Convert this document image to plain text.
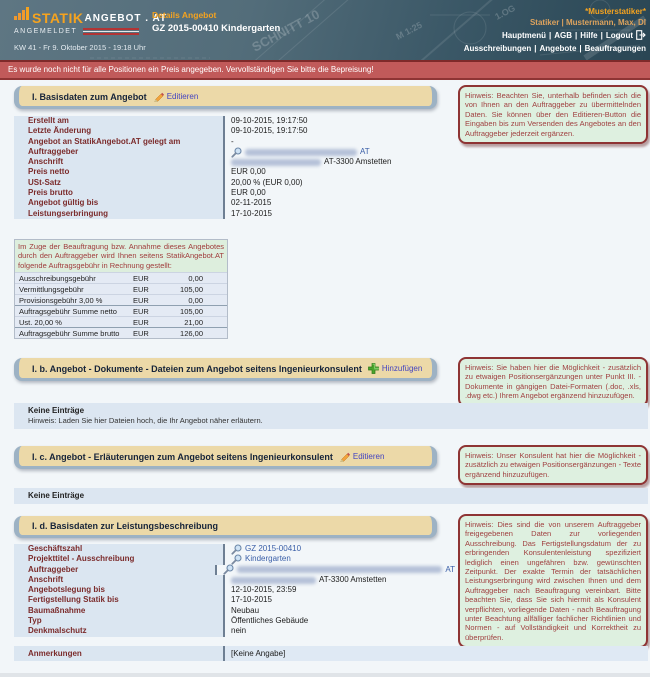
SCHNITT 10	M 1:25
1.OG
STATIK ANGEBOT . AT
ANGEMELDET
KW 41 - Fr 9. Oktober 2015 - 19:18 Uhr
Details Angebot
GZ 2015-00410 Kindergarten
*Musterstatiker*
Statiker | Mustermann, Max, DI
Hauptmenü | AGB | Hilfe | Logout
Ausschreibungen | Angebote | Beauftragungen
Es wurde noch nicht für alle Positionen ein Preis angegeben. Vervollständigen Sie bitte die Bepreisung!
I. Basisdaten zum Angebot	Editieren	Hinweis: Beachten Sie, unterhalb befinden sich die von Ihnen an den Auftraggeber zu übermittelnden Daten. Sie können über den Editieren-Button die Eingaben bis zum Versenden des Angebotes an den Auftraggeber jederzeit ergänzen.
Erstellt am	09-10-2015, 19:17:50
Letzte Änderung	09-10-2015, 19:17:50
Angebot an StatikAngebot.AT gelegt am	-
Auftraggeber	AT
Anschrift	AT-3300 Amstetten
Preis netto	EUR 0,00
USt-Satz	20,00 % (EUR 0,00)
Preis brutto	EUR 0,00
Angebot gültig bis	02-11-2015
Leistungserbringung	17-10-2015
Im Zuge der Beauftragung bzw. Annahme dieses Angebotes durch den Auftraggeber wird Ihnen seitens StatikAngebot.AT folgende Auftragsgebühr in Rechnung gestellt:
Ausschreibungsgebühr	EUR	0,00
Vermittlungsgebühr	EUR	105,00
Provisionsgebühr 3,00 %	EUR	0,00
Auftragsgebühr Summe netto	EUR	105,00
Ust. 20,00 %	EUR	21,00
Auftragsgebühr Summe brutto	EUR	126,00
I. b. Angebot - Dokumente - Dateien zum Angebot seitens Ingenieurkonsulent	Hinzufügen	Hinweis: Sie haben hier die Möglichkeit - zusätzlich zu etwaigen Positionsergänzungen unter Punkt III. - Dokumente in gängigen Datei-Formaten (.doc, .xls, .dwg etc.) Ihrem Angebot ergänzend hinzuzufügen.
Keine Einträge
Hinweis: Laden Sie hier Dateien hoch, die Ihr Angebot näher erläutern.
I. c. Angebot - Erläuterungen zum Angebot seitens Ingenieurkonsulent	Editieren	Hinweis: Unser Konsulent hat hier die Möglichkeit - zusätzlich zu etwaigen Positionsergänzungen - Texte ergänzend hinzuzufügen.
Keine Einträge
I. d. Basisdaten zur Leistungsbeschreibung	Hinweis: Dies sind die von unserem Auftraggeber freigegebenen Daten zur vorliegenden Ausschreibung. Das Fertigstellungsdatum der zu erbringenden Konsulentenleistung spezifiziert lediglich einen ungefähren bzw. gewünschten Zeitpunkt. Der exakte Termin der tatsächlichen Leistungserbringung wird zwischen Ihnen und dem Auftraggeber nach Beauftragung vereinbart. Bitte beachten Sie, dass Sie sich hiermit als Konsulent verpflichten, vorliegende Daten - nach Beauftragung unter Beachtung allfälliger fachlicher Richtlinien und Normen - auf Vollständigkeit und Korrektheit zu überprüfen.
Geschäftszahl	GZ 2015-00410
Projekttitel - Ausschreibung	Kindergarten
Auftraggeber	AT
Anschrift	AT-3300 Amstetten
Angebotslegung bis	12-10-2015, 23:59
Fertigstellung Statik bis	17-10-2015
Baumaßnahme	Neubau
Typ	Öffentliches Gebäude
Denkmalschutz	nein
Anmerkungen	[Keine Angabe]
